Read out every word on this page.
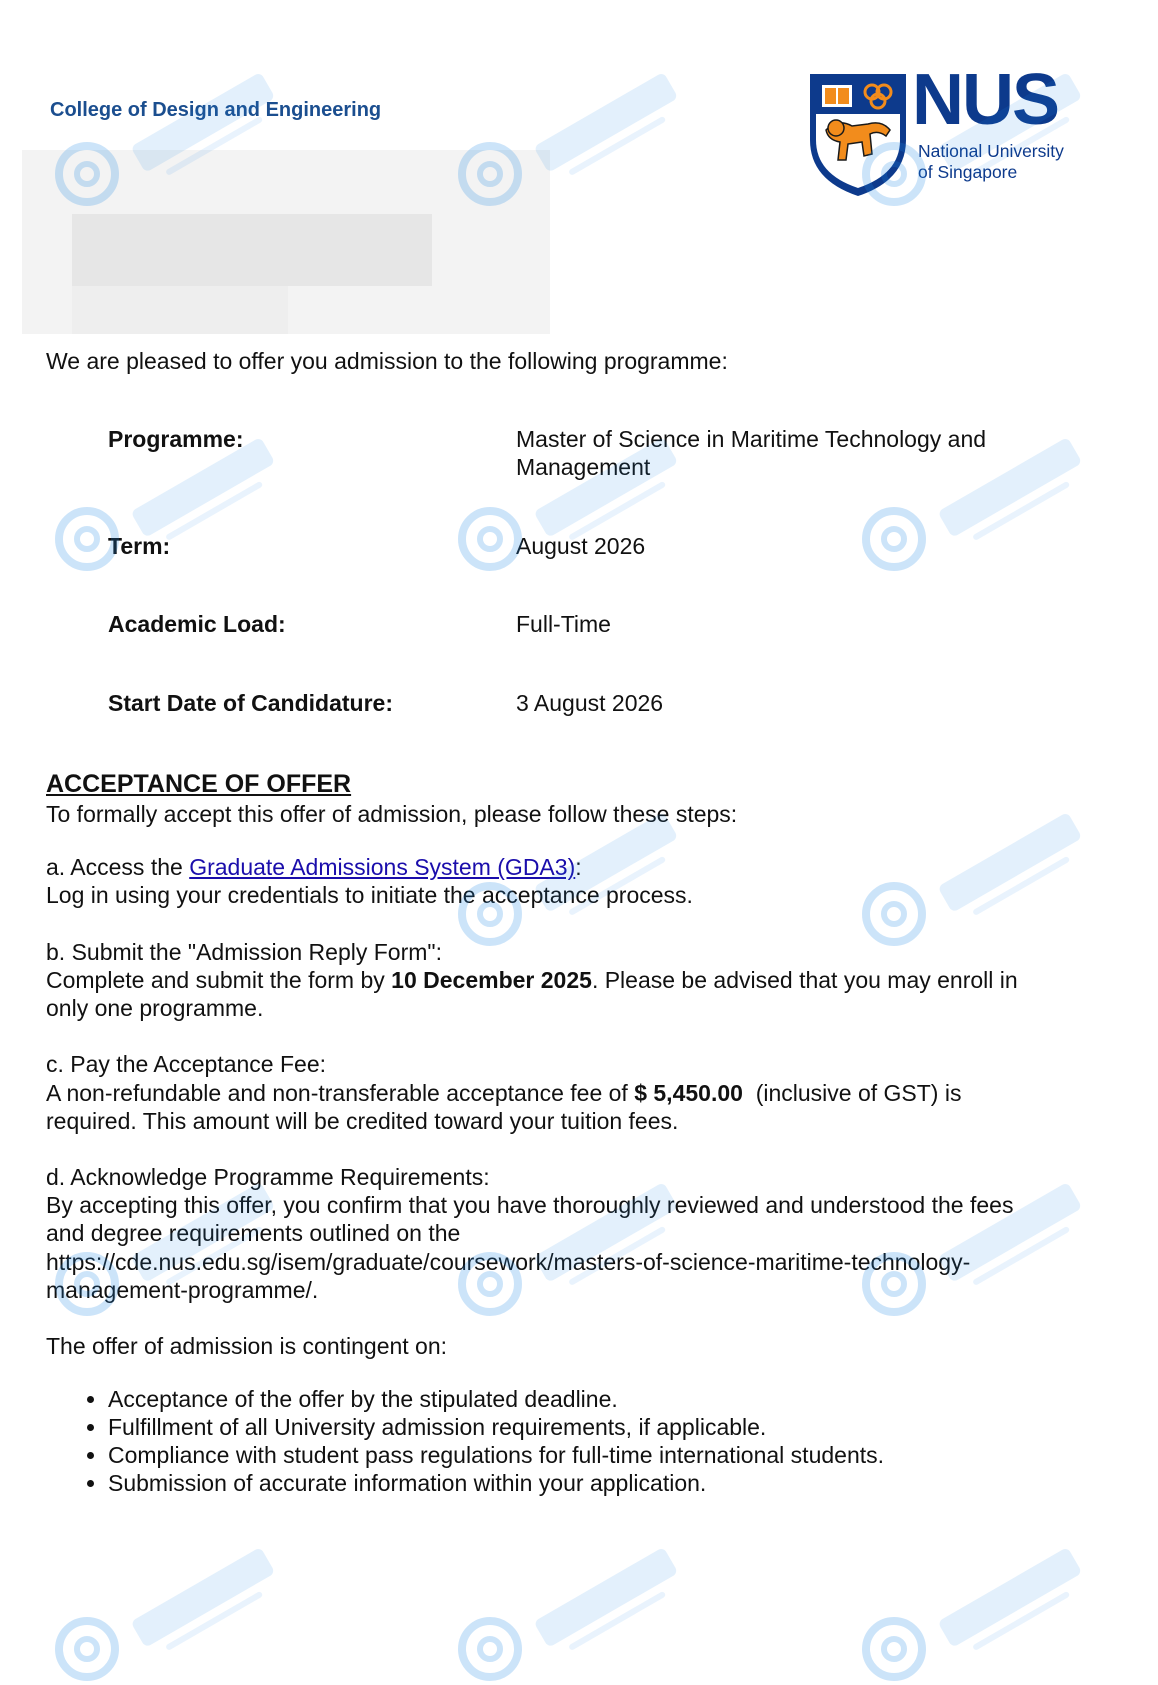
College of Design and Engineering	NUS
National University
of Singapore
We are pleased to offer you admission to the following programme:
Programme:	Master of Science in Maritime Technology and
Management
Term:	August 2026
Academic Load:	Full-Time
Start Date of Candidature:	3 August 2026
ACCEPTANCE OF OFFER
To formally accept this offer of admission, please follow these steps:
a. Access the Graduate Admissions System (GDA3):
Log in using your credentials to initiate the acceptance process.
b. Submit the "Admission Reply Form":
Complete and submit the form by 10 December 2025. Please be advised that you may enroll in
only one programme.
c. Pay the Acceptance Fee:
A non-refundable and non-transferable acceptance fee of $ 5,450.00  (inclusive of GST) is
required. This amount will be credited toward your tuition fees.
d. Acknowledge Programme Requirements:
By accepting this offer, you confirm that you have thoroughly reviewed and understood the fees
and degree requirements outlined on the
https://cde.nus.edu.sg/isem/graduate/coursework/masters-of-science-maritime-technology-
management-programme/.
The offer of admission is contingent on:
• Acceptance of the offer by the stipulated deadline.
• Fulfillment of all University admission requirements, if applicable.
• Compliance with student pass regulations for full-time international students.
• Submission of accurate information within your application.
